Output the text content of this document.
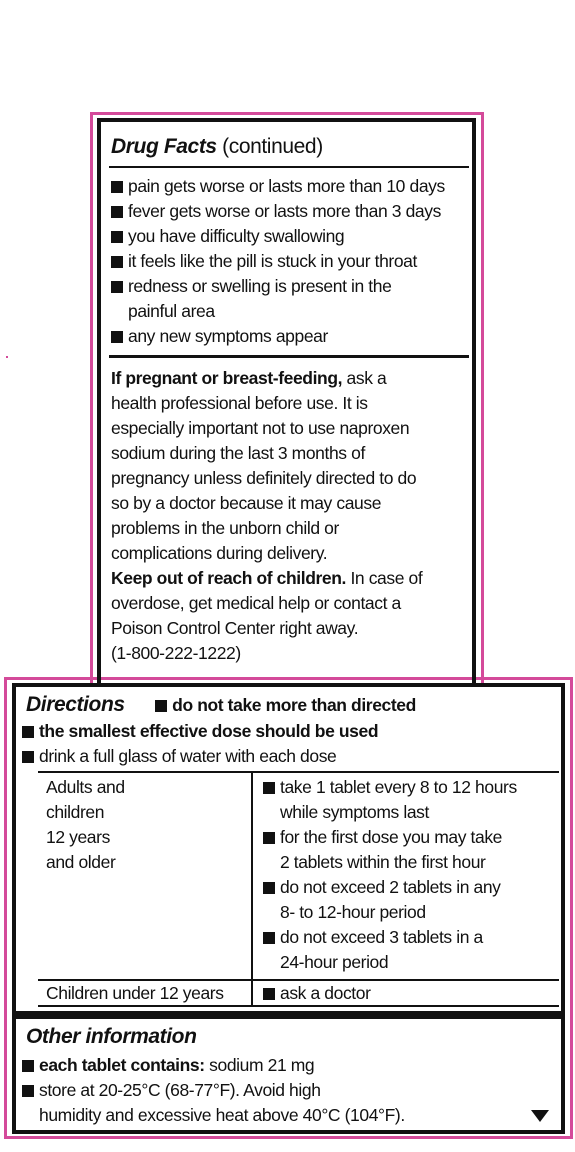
Drug Facts (continued)
pain gets worse or lasts more than 10 days
fever gets worse or lasts more than 3 days
you have difficulty swallowing
it feels like the pill is stuck in your throat
redness or swelling is present in the
painful area
any new symptoms appear
If pregnant or breast-feeding, ask a
health professional before use. It is
especially important not to use naproxen
sodium during the last 3 months of
pregnancy unless definitely directed to do
so by a doctor because it may cause
problems in the unborn child or
complications during delivery.
Keep out of reach of children. In case of
overdose, get medical help or contact a
Poison Control Center right away.
(1-800-222-1222)
Directions	do not take more than directed
the smallest effective dose should be used
drink a full glass of water with each dose
Adults and
children
12 years
and older
take 1 tablet every 8 to 12 hours
while symptoms last
for the first dose you may take
2 tablets within the first hour
do not exceed 2 tablets in any
8- to 12-hour period
do not exceed 3 tablets in a
24-hour period
Children under 12 years	ask a doctor
Other information
each tablet contains: sodium 21 mg
store at 20-25°C (68-77°F). Avoid high
humidity and excessive heat above 40°C (104°F).
